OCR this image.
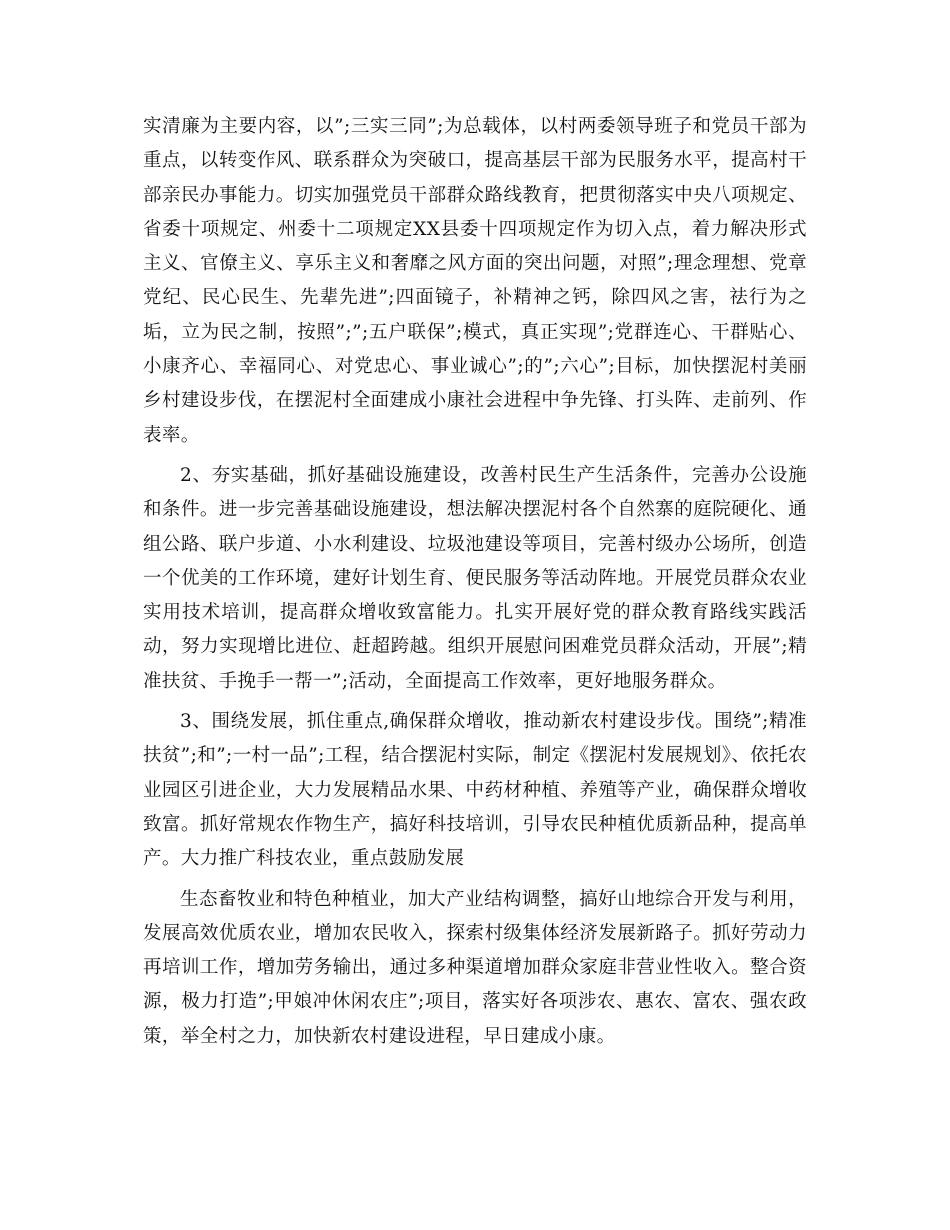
实清廉为主要内容，以”;三实三同”;为总载体，以村两委领导班子和党员干部为重点，以转变作风、联系群众为突破口，提高基层干部为民服务水平，提高村干部亲民办事能力。切实加强党员干部群众路线教育，把贯彻落实中央八项规定、省委十项规定、州委十二项规定XX县委十四项规定作为切入点，着力解决形式主义、官僚主义、享乐主义和奢靡之风方面的突出问题，对照”;理念理想、党章党纪、民心民生、先辈先进”;四面镜子，补精神之钙，除四风之害，祛行为之垢，立为民之制，按照”;”;五户联保”;模式，真正实现”;党群连心、干群贴心、小康齐心、幸福同心、对党忠心、事业诚心”;的”;六心”;目标，加快摆泥村美丽乡村建设步伐，在摆泥村全面建成小康社会进程中争先锋、打头阵、走前列、作表率。

2、夯实基础，抓好基础设施建设，改善村民生产生活条件，完善办公设施和条件。进一步完善基础设施建设，想法解决摆泥村各个自然寨的庭院硬化、通组公路、联户步道、小水利建设、垃圾池建设等项目，完善村级办公场所，创造一个优美的工作环境，建好计划生育、便民服务等活动阵地。开展党员群众农业实用技术培训，提高群众增收致富能力。扎实开展好党的群众教育路线实践活动，努力实现增比进位、赶超跨越。组织开展慰问困难党员群众活动，开展”;精准扶贫、手挽手一帮一”;活动，全面提高工作效率，更好地服务群众。

3、围绕发展，抓住重点,确保群众增收，推动新农村建设步伐。围绕”;精准扶贫”;和”;一村一品”;工程，结合摆泥村实际，制定《摆泥村发展规划》、依托农业园区引进企业，大力发展精品水果、中药材种植、养殖等产业，确保群众增收致富。抓好常规农作物生产，搞好科技培训，引导农民种植优质新品种，提高单产。大力推广科技农业，重点鼓励发展

生态畜牧业和特色种植业，加大产业结构调整，搞好山地综合开发与利用，发展高效优质农业，增加农民收入，探索村级集体经济发展新路子。抓好劳动力再培训工作，增加劳务输出，通过多种渠道增加群众家庭非营业性收入。整合资源，极力打造”;甲娘冲休闲农庄”;项目，落实好各项涉农、惠农、富农、强农政策，举全村之力，加快新农村建设进程，早日建成小康。
